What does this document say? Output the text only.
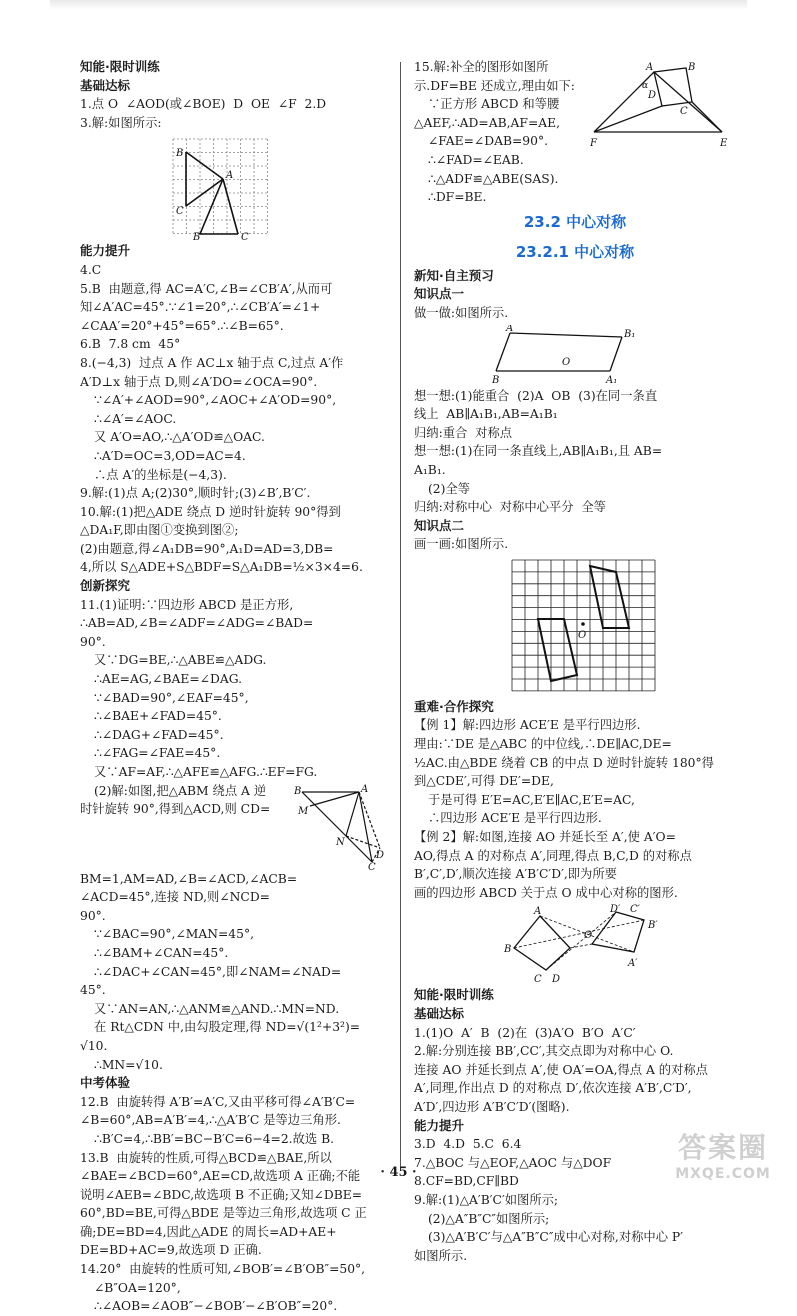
知能·限时训练
基础达标
1.点 O  ∠AOD(或∠BOE)  D  OE  ∠F  2.D
3.解:如图所示:
B
A
C
B	C
能力提升
4.C
5.B  由题意,得 AC=A′C,∠B=∠CB′A′,从而可
知∠A′AC=45°.∵∠1=20°,∴∠CB′A′=∠1+
∠CAA′=20°+45°=65°.∴∠B=65°.
6.B  7.8 cm  45°
8.(−4,3)  过点 A 作 AC⊥x 轴于点 C,过点 A′作
A′D⊥x 轴于点 D,则∠A′DO=∠OCA=90°.
∵∠A′+∠AOD=90°,∠AOC+∠A′OD=90°,
∴∠A′=∠AOC.
又 A′O=AO,∴△A′OD≌△OAC.
∴A′D=OC=3,OD=AC=4.
∴点 A′的坐标是(−4,3).
9.解:(1)点 A;(2)30°,顺时针;(3)∠B′,B′C′.
10.解:(1)把△ADE 绕点 D 逆时针旋转 90°得到
△DA₁F,即由图①变换到图②;
(2)由题意,得∠A₁DB=90°,A₁D=AD=3,DB=
4,所以 S△ADE+S△BDF=S△A₁DB=½×3×4=6.
创新探究
11.(1)证明:∵四边形 ABCD 是正方形,
∴AB=AD,∠B=∠ADF=∠ADG=∠BAD=
90°.
又∵DG=BE,∴△ABE≌△ADG.
∴AE=AG,∠BAE=∠DAG.
∵∠BAD=90°,∠EAF=45°,
∴∠BAE+∠FAD=45°.
∴∠DAG+∠FAD=45°.
∴∠FAG=∠FAE=45°.
又∵AF=AF,∴△AFE≌△AFG.∴EF=FG.
B	A
M
N
D
C
(2)解:如图,把△ABM 绕点 A 逆
时针旋转 90°,得到△ACD,则 CD=
BM=1,AM=AD,∠B=∠ACD,∠ACB=
∠ACD=45°,连接 ND,则∠NCD=
90°.
∵∠BAC=90°,∠MAN=45°,
∴∠BAM+∠CAN=45°.
∴∠DAC+∠CAN=45°,即∠NAM=∠NAD=
45°.
又∵AN=AN,∴△ANM≌△AND.∴MN=ND.
在 Rt△CDN 中,由勾股定理,得 ND=√(1²+3²)=
√10.
∴MN=√10.
中考体验
12.B  由旋转得 A′B′=A′C,又由平移可得∠A′B′C=
∠B=60°,AB=A′B′=4,∴△A′B′C 是等边三角形.
∴B′C=4,∴BB′=BC−B′C=6−4=2.故选 B.
13.B  由旋转的性质,可得△BCD≌△BAE,所以
∠BAE=∠BCD=60°,AE=CD,故选项 A 正确;不能
说明∠AEB=∠BDC,故选项 B 不正确;又知∠DBE=
60°,BD=BE,可得△BDE 是等边三角形,故选项 C 正
确;DE=BD=4,因此△ADE 的周长=AD+AE+
DE=BD+AC=9,故选项 D 正确.
14.20°  由旋转的性质可知,∠BOB′=∠B′OB″=50°,
∠B″OA=120°,
∴∠AOB=∠AOB″−∠BOB′−∠B′OB″=20°.
A	B
D
C
F	E
α
15.解:补全的图形如图所
示.DF=BE 还成立,理由如下:
∵正方形 ABCD 和等腰
△AEF,∴AD=AB,AF=AE,
∠FAE=∠DAB=90°.
∴∠FAD=∠EAB.
∴△ADF≌△ABE(SAS).
∴DF=BE.
23.2 中心对称
23.2.1 中心对称
新知·自主预习
知识点一
做一做:如图所示.
A
B₁
B
O
A₁
想一想:(1)能重合  (2)A  OB  (3)在同一条直
线上  AB∥A₁B₁,AB=A₁B₁
归纳:重合  对称点
想一想:(1)在同一条直线上,AB∥A₁B₁,且 AB=
A₁B₁.
(2)全等
归纳:对称中心  对称中心平分  全等
知识点二
画一画:如图所示.
O
重难·合作探究
【例 1】解:四边形 ACE′E 是平行四边形.
理由:∵DE 是△ABC 的中位线,∴DE∥AC,DE=
½AC.由△BDE 绕着 CB 的中点 D 逆时针旋转 180°得
到△CDE′,可得 DE′=DE,
于是可得 E′E=AC,E′E∥AC,E′E=AC,
∴四边形 ACE′E 是平行四边形.
【例 2】解:如图,连接 AO 并延长至 A′,使 A′O=
AO,得点 A 的对称点 A′,同理,得点 B,C,D 的对称点
B′,C′,D′,顺次连接 A′B′C′D′,即为所要
画的四边形 ABCD 关于点 O 成中心对称的图形.
A
B
C D
D′ C′
B′
A′
O
知能·限时训练
基础达标
1.(1)O  A′  B  (2)在  (3)A′O  B′O  A′C′
2.解:分别连接 BB′,CC′,其交点即为对称中心 O.
连接 AO 并延长到点 A′,使 OA′=OA,得点 A 的对称点
A′,同理,作出点 D 的对称点 D′,依次连接 A′B′,C′D′,
A′D′,四边形 A′B′C′D′(图略).
能力提升
3.D  4.D  5.C  6.4
7.△BOC 与△EOF,△AOC 与△DOF
8.CF=BD,CF∥BD
9.解:(1)△A′B′C′如图所示;
(2)△A″B″C″如图所示;
(3)△A′B′C′与△A″B″C″成中心对称,对称中心 P′
如图所示.
· 45 ·
答案圈
MXQE.COM
